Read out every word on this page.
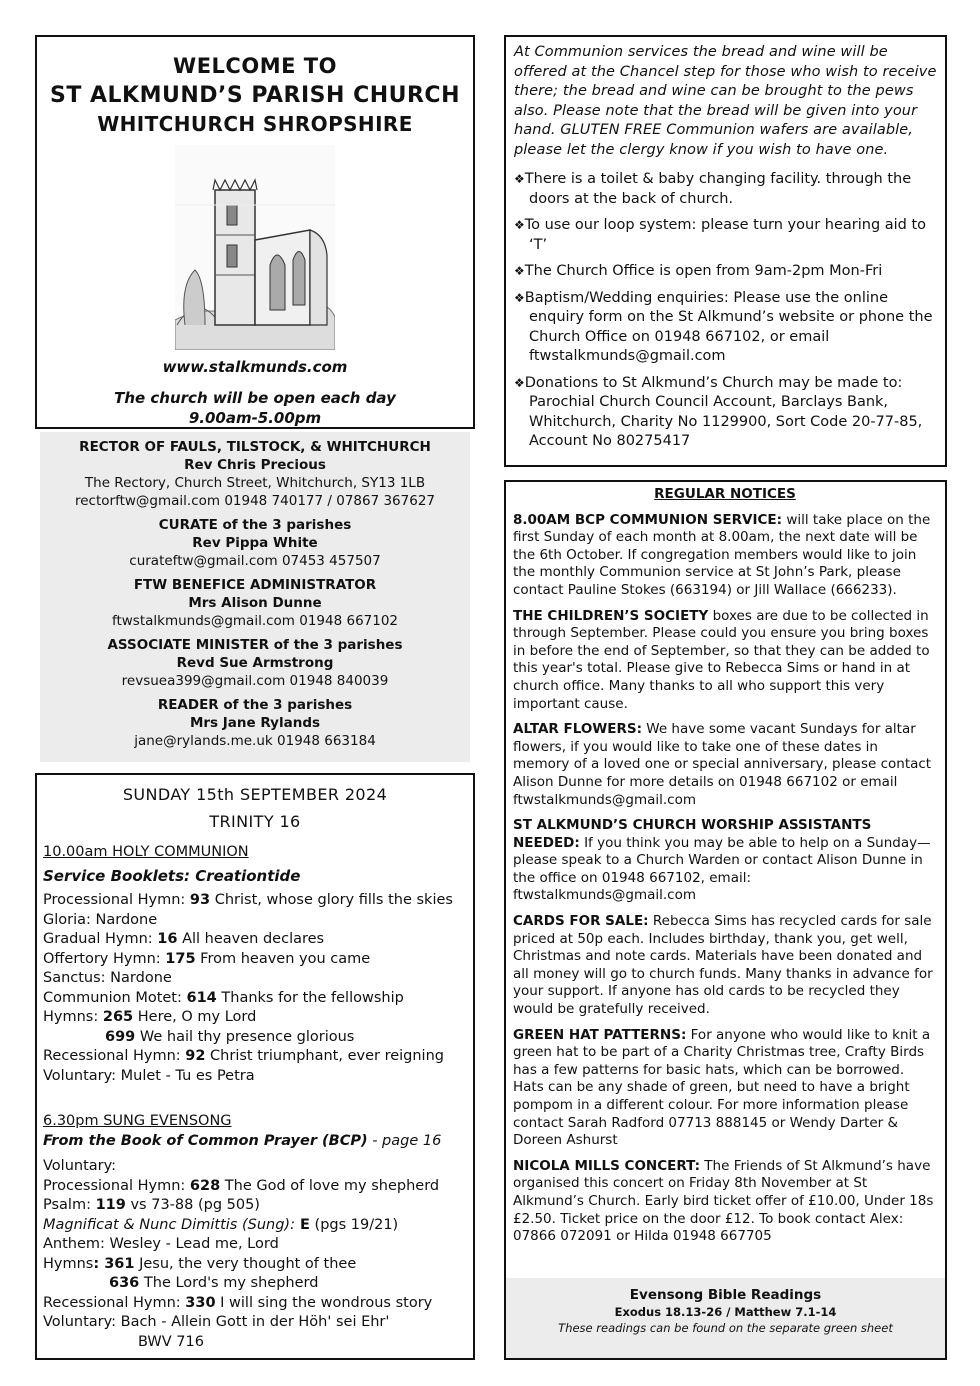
WELCOME TO
ST ALKMUND’S PARISH CHURCH
WHITCHURCH SHROPSHIRE
www.stalkmunds.com
The church will be open each day
9.00am-5.00pm
RECTOR OF FAULS, TILSTOCK, & WHITCHURCH
Rev Chris Precious
The Rectory, Church Street, Whitchurch, SY13 1LB
rectorftw@gmail.com 01948 740177 / 07867 367627
CURATE of the 3 parishes
Rev Pippa White
curateftw@gmail.com 07453 457507
FTW BENEFICE ADMINISTRATOR
Mrs Alison Dunne
ftwstalkmunds@gmail.com 01948 667102
ASSOCIATE MINISTER of the 3 parishes
Revd Sue Armstrong
revsuea399@gmail.com 01948 840039
READER of the 3 parishes
Mrs Jane Rylands
jane@rylands.me.uk 01948 663184
SUNDAY 15th SEPTEMBER 2024
TRINITY 16
10.00am HOLY COMMUNION
Service Booklets: Creationtide
Processional Hymn: 93 Christ, whose glory fills the skies
Gloria: Nardone
Gradual Hymn: 16 All heaven declares
Offertory Hymn: 175 From heaven you came
Sanctus: Nardone
Communion Motet: 614 Thanks for the fellowship
Hymns: 265 Here, O my Lord
699 We hail thy presence glorious
Recessional Hymn: 92 Christ triumphant, ever reigning
Voluntary: Mulet - Tu es Petra
6.30pm SUNG EVENSONG
From the Book of Common Prayer (BCP) - page 16
Voluntary:
Processional Hymn: 628 The God of love my shepherd
Psalm: 119 vs 73-88 (pg 505)
Magnificat & Nunc Dimittis (Sung): E (pgs 19/21)
Anthem: Wesley - Lead me, Lord
Hymns: 361 Jesu, the very thought of thee
636 The Lord's my shepherd
Recessional Hymn: 330 I will sing the wondrous story
Voluntary: Bach - Allein Gott in der Höh' sei Ehr'
BWV 716
At Communion services the bread and wine will be offered at the Chancel step for those who wish to receive there; the bread and wine can be brought to the pews also. Please note that the bread will be given into your hand. GLUTEN FREE Communion wafers are available, please let the clergy know if you wish to have one.
❖There is a toilet & baby changing facility. through the doors at the back of church.
❖To use our loop system: please turn your hearing aid to ‘T’
❖The Church Office is open from 9am-2pm Mon-Fri
❖Baptism/Wedding enquiries: Please use the online enquiry form on the St Alkmund’s website or phone the Church Office on 01948 667102, or email ftwstalkmunds@gmail.com
❖Donations to St Alkmund’s Church may be made to: Parochial Church Council Account, Barclays Bank, Whitchurch, Charity No 1129900, Sort Code 20-77-85, Account No 80275417
REGULAR NOTICES
8.00AM BCP COMMUNION SERVICE: will take place on the first Sunday of each month at 8.00am, the next date will be the 6th October. If congregation members would like to join the monthly Communion service at St John’s Park, please contact Pauline Stokes (663194) or Jill Wallace (666233).
THE CHILDREN’S SOCIETY boxes are due to be collected in through September. Please could you ensure you bring boxes in before the end of September, so that they can be added to this year's total. Please give to Rebecca Sims or hand in at church office. Many thanks to all who support this very important cause.
ALTAR FLOWERS: We have some vacant Sundays for altar flowers, if you would like to take one of these dates in memory of a loved one or special anniversary, please contact Alison Dunne for more details on 01948 667102 or email ftwstalkmunds@gmail.com
ST ALKMUND’S CHURCH WORSHIP ASSISTANTS NEEDED: If you think you may be able to help on a Sunday—please speak to a Church Warden or contact Alison Dunne in the office on 01948 667102, email: ftwstalkmunds@gmail.com
CARDS FOR SALE: Rebecca Sims has recycled cards for sale priced at 50p each. Includes birthday, thank you, get well, Christmas and note cards. Materials have been donated and all money will go to church funds. Many thanks in advance for your support. If anyone has old cards to be recycled they would be gratefully received.
GREEN HAT PATTERNS: For anyone who would like to knit a green hat to be part of a Charity Christmas tree, Crafty Birds has a few patterns for basic hats, which can be borrowed. Hats can be any shade of green, but need to have a bright pompom in a different colour. For more information please contact Sarah Radford 07713 888145 or Wendy Darter & Doreen Ashurst
NICOLA MILLS CONCERT: The Friends of St Alkmund’s have organised this concert on Friday 8th November at St Alkmund’s Church. Early bird ticket offer of £10.00, Under 18s £2.50. Ticket price on the door £12. To book contact Alex: 07866 072091 or Hilda 01948 667705
Evensong Bible Readings
Exodus 18.13-26 / Matthew 7.1-14
These readings can be found on the separate green sheet
